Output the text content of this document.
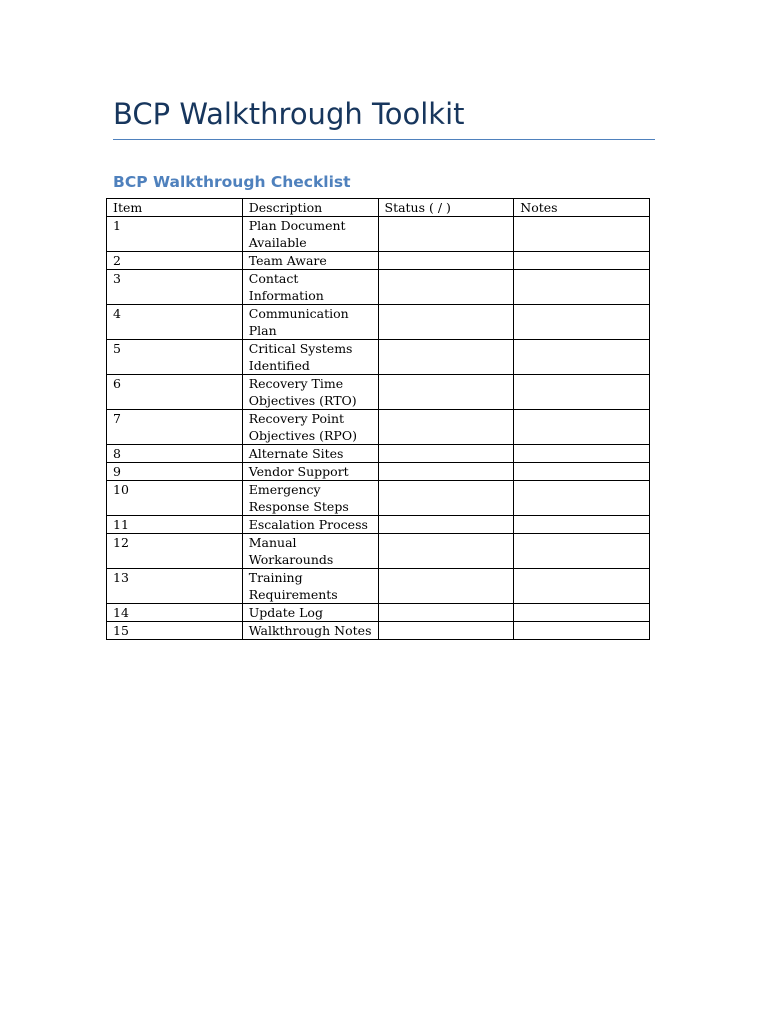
BCP Walkthrough Toolkit
BCP Walkthrough Checklist
Item	Description	Status ( / )	Notes
1	Plan Document Available		
2	Team Aware		
3	Contact Information		
4	Communication Plan		
5	Critical Systems Identified		
6	Recovery Time Objectives (RTO)		
7	Recovery Point Objectives (RPO)		
8	Alternate Sites		
9	Vendor Support		
10	Emergency Response Steps		
11	Escalation Process		
12	Manual Workarounds		
13	Training Requirements		
14	Update Log		
15	Walkthrough Notes		
